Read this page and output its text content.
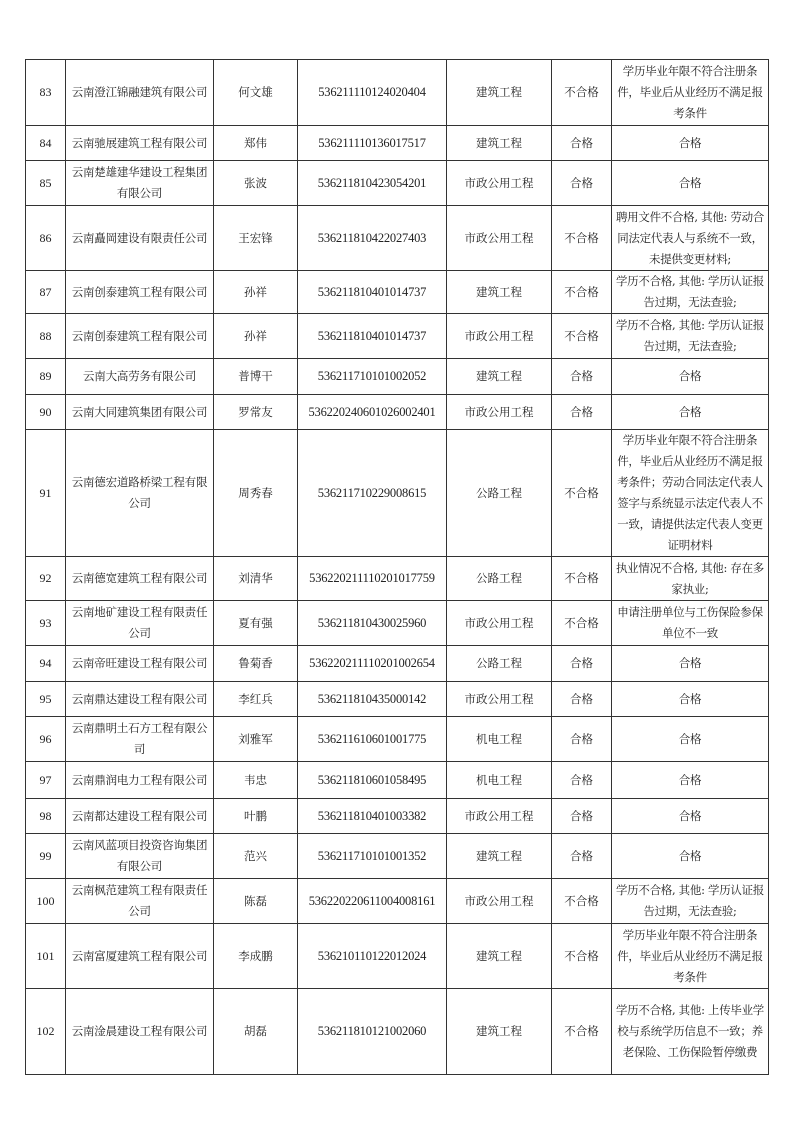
83	云南澄江锦融建筑有限公司	何文雄	536211110124020404	建筑工程	不合格	学历毕业年限不符合注册条件，毕业后从业经历不满足报考条件
84	云南驰展建筑工程有限公司	郑伟	536211110136017517	建筑工程	合格	合格
85	云南楚雄建华建设工程集团有限公司	张波	536211810423054201	市政公用工程	合格	合格
86	云南矗岡建设有限责任公司	王宏锋	536211810422027403	市政公用工程	不合格	聘用文件不合格, 其他: 劳动合同法定代表人与系统不一致，未提供变更材料;
87	云南创泰建筑工程有限公司	孙祥	536211810401014737	建筑工程	不合格	学历不合格, 其他: 学历认证报告过期，无法查验;
88	云南创泰建筑工程有限公司	孙祥	536211810401014737	市政公用工程	不合格	学历不合格, 其他: 学历认证报告过期，无法查验;
89	云南大高劳务有限公司	普博干	536211710101002052	建筑工程	合格	合格
90	云南大同建筑集团有限公司	罗常友	536220240601026002401	市政公用工程	合格	合格
91	云南德宏道路桥梁工程有限公司	周秀春	536211710229008615	公路工程	不合格	学历毕业年限不符合注册条件，毕业后从业经历不满足报考条件；劳动合同法定代表人签字与系统显示法定代表人不一致，请提供法定代表人变更证明材料
92	云南德宽建筑工程有限公司	刘清华	536220211110201017759	公路工程	不合格	执业情况不合格, 其他: 存在多家执业;
93	云南地矿建设工程有限责任公司	夏有强	536211810430025960	市政公用工程	不合格	申请注册单位与工伤保险参保单位不一致
94	云南帝旺建设工程有限公司	鲁菊香	536220211110201002654	公路工程	合格	合格
95	云南鼎达建设工程有限公司	李红兵	536211810435000142	市政公用工程	合格	合格
96	云南鼎明土石方工程有限公司	刘雅军	536211610601001775	机电工程	合格	合格
97	云南鼎润电力工程有限公司	韦忠	536211810601058495	机电工程	合格	合格
98	云南都达建设工程有限公司	叶鹏	536211810401003382	市政公用工程	合格	合格
99	云南风蓝项目投资咨询集团有限公司	范兴	536211710101001352	建筑工程	合格	合格
100	云南枫范建筑工程有限责任公司	陈磊	536220220611004008161	市政公用工程	不合格	学历不合格, 其他: 学历认证报告过期，无法查验;
101	云南富厦建筑工程有限公司	李成鹏	536210110122012024	建筑工程	不合格	学历毕业年限不符合注册条件，毕业后从业经历不满足报考条件
102	云南淦晨建设工程有限公司	胡磊	536211810121002060	建筑工程	不合格	学历不合格, 其他: 上传毕业学校与系统学历信息不一致；养老保险、工伤保险暂停缴费
